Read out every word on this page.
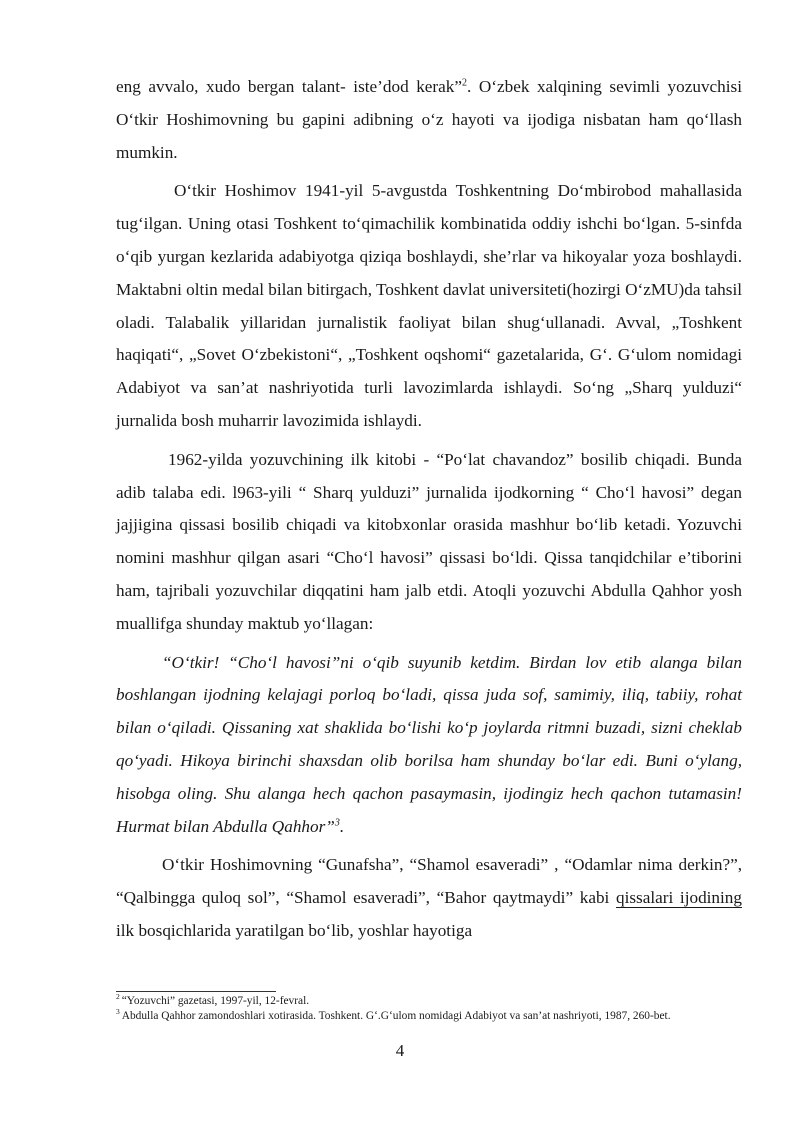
eng avvalo, xudo bergan talant- iste’dod kerak”$^2$. O‘zbek xalqining sevimli yozuvchisi O‘tkir Hoshimovning bu gapini adibning o‘z hayoti va ijodiga nisbatan ham qo‘llash mumkin.

O‘tkir Hoshimov 1941-yil 5-avgustda Toshkentning Do‘mbirobod mahallasida tug‘ilgan. Uning otasi Toshkent to‘qimachilik kombinatida oddiy ishchi bo‘lgan. 5-sinfda o‘qib yurgan kezlarida adabiyotga qiziqa boshlaydi, she’rlar va hikoyalar yoza boshlaydi. Maktabni oltin medal bilan bitirgach, Toshkent davlat universiteti(hozirgi O‘zMU)da tahsil oladi. Talabalik yillaridan jurnalistik faoliyat bilan shug‘ullanadi. Avval, „Toshkent haqiqati“, „Sovet O‘zbekistoni“, „Toshkent oqshomi“ gazetalarida, G‘. G‘ulom nomidagi Adabiyot va san’at nashriyotida turli lavozimlarda ishlaydi. So‘ng „Sharq yulduzi“ jurnalida bosh muharrir lavozimida ishlaydi.

1962-yilda yozuvchining ilk kitobi - “Po‘lat chavandoz” bosilib chiqadi. Bunda adib talaba edi. l963-yili “ Sharq yulduzi” jurnalida ijodkorning “ Cho‘l havosi” degan jajjigina qissasi bosilib chiqadi va kitobxonlar orasida mashhur bo‘lib ketadi. Yozuvchi nomini mashhur qilgan asari “Cho‘l havosi” qissasi bo‘ldi. Qissa tanqidchilar e’tiborini ham, tajribali yozuvchilar diqqatini ham jalb etdi. Atoqli yozuvchi Abdulla Qahhor yosh muallifga shunday maktub yo‘llagan:

“O‘tkir! “Cho‘l havosi”ni o‘qib suyunib ketdim. Birdan lov etib alanga bilan boshlangan ijodning kelajagi porloq bo‘ladi, qissa juda sof, samimiy, iliq, tabiiy, rohat bilan o‘qiladi. Qissaning xat shaklida bo‘lishi ko‘p joylarda ritmni buzadi, sizni cheklab qo‘yadi. Hikoya birinchi shaxsdan olib borilsa ham shunday bo‘lar edi. Buni o‘ylang, hisobga oling. Shu alanga hech qachon pasaymasin, ijodingiz hech qachon tutamasin! Hurmat bilan Abdulla Qahhor”$^3$.

O‘tkir Hoshimovning “Gunafsha”, “Shamol esaveradi” , “Odamlar nima derkin?”, “Qalbingga quloq sol”, “Shamol esaveradi”, “Bahor qaytmaydi” kabi qissalari ijodining ilk bosqichlarida yaratilgan bo‘lib, yoshlar hayotiga

$^2$ “Yozuvchi” gazetasi, 1997-yil, 12-fevral.

$^3$ Abdulla Qahhor zamondoshlari xotirasida. Toshkent. G‘.G‘ulom nomidagi Adabiyot va san’at nashriyoti, 1987, 260-bet.

4
